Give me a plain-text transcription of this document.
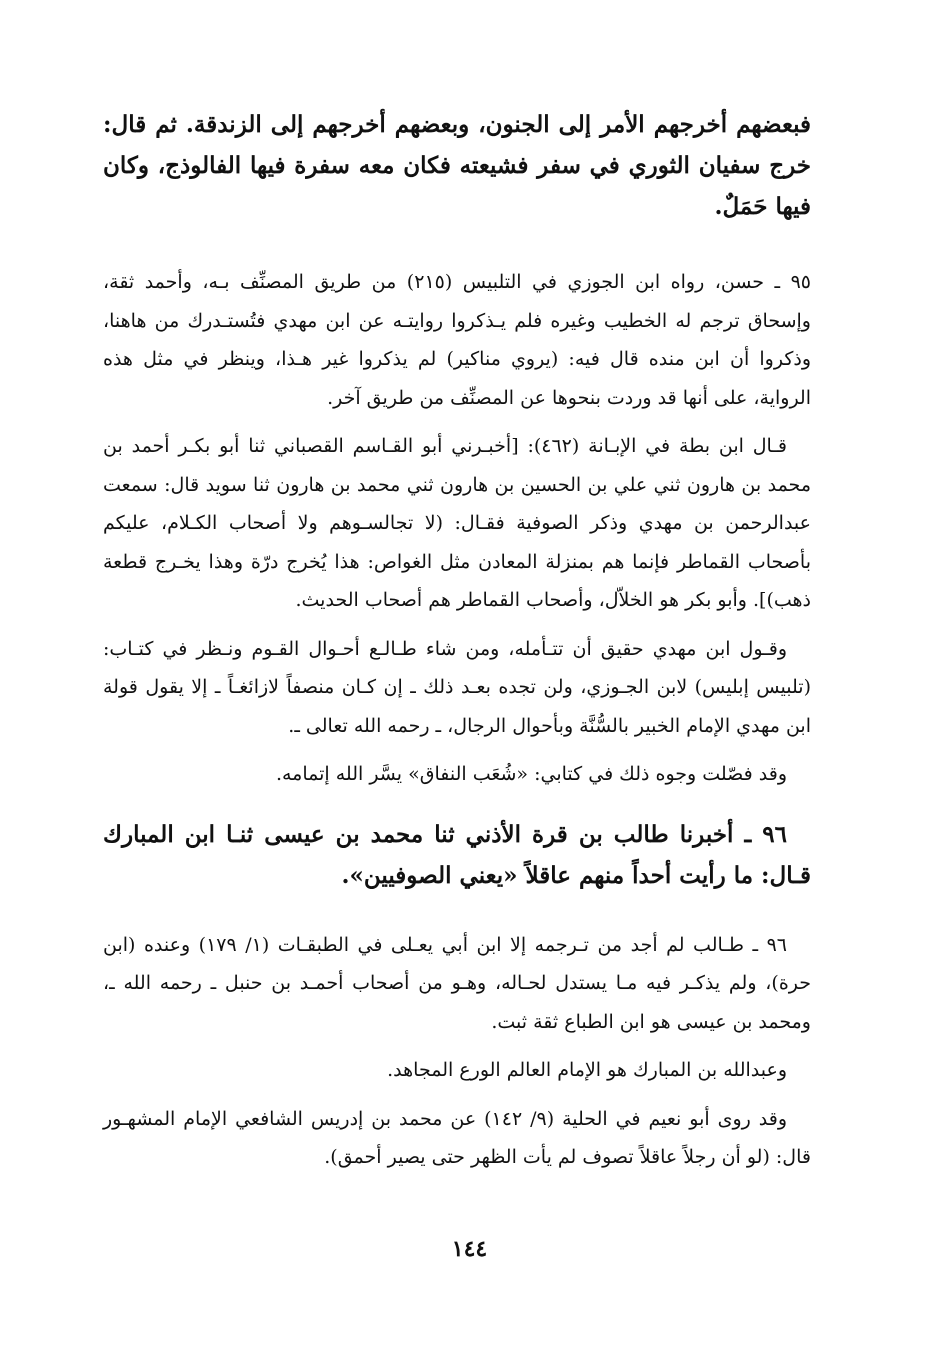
فبعضهم أخرجهم الأمر إلى الجنون، وبعضهم أخرجهم إلى الزندقة. ثم قال: خرج سفيان الثوري في سفر فشيعته فكان معه سفرة فيها الفالوذج، وكان فيها حَمَلٌ.

٩٥ ـ حسن، رواه ابن الجوزي في التلبيس (٢١٥) من طريق المصنِّف بـه، وأحمد ثقة، وإسحاق ترجم له الخطيب وغيره فلم يـذكروا روايتـه عن ابن مهدي فتُستـدرك من هاهنا، وذكروا أن ابن منده قال فيه: (يروي مناكير) لم يذكروا غير هـذا، وينظر في مثل هذه الرواية، على أنها قد وردت بنحوها عن المصنِّف من طريق آخر.

قـال ابن بطة في الإبـانة (٤٦٢): [أخبـرني أبو القـاسم القصباني ثنا أبو بكـر أحمد بن محمد بن هارون ثني علي بن الحسين بن هارون ثني محمد بن هارون ثنا سويد قال: سمعت عبدالرحمن بن مهدي وذكر الصوفية فقـال: (لا تجالسـوهم ولا أصحاب الكـلام، عليكم بأصحاب القماطر فإنما هم بمنزلة المعادن مثل الغواص: هذا يُخرج درّة وهذا يخـرج قطعة ذهب)]. وأبو بكر هو الخلاّل، وأصحاب القماطر هم أصحاب الحديث.

وقـول ابن مهدي حقيق أن تتـأمله، ومن شاء طـالـع أحـوال القـوم ونـظر في كتـاب: (تلبيس إبليس) لابن الجـوزي، ولن تجده بعـد ذلك ـ إن كـان منصفاً لازائغـاً ـ إلا يقول قولة ابن مهدي الإمام الخبير بالسُّنَّة وبأحوال الرجال، ـ رحمه الله تعالى ـ.

وقد فصّلت وجوه ذلك في كتابي: «شُعَب النفاق» يسَّر الله إتمامه.

٩٦ ـ أخبرنا طالب بن قرة الأذني ثنا محمد بن عيسى ثنـا ابن المبارك قـال: ما رأيت أحداً منهم عاقلاً «يعني الصوفيين».

٩٦ ـ طـالب لم أجد من تـرجمه إلا ابن أبي يعـلى في الطبقـات (١/ ١٧٩) وعنده (ابن حرة)، ولم يذكـر فيه مـا يستدل لحـاله، وهـو من أصحاب أحمـد بن حنبل ـ رحمه الله ـ، ومحمد بن عيسى هو ابن الطباع ثقة ثبت.

وعبدالله بن المبارك هو الإمام العالم الورع المجاهد.

وقد روى أبو نعيم في الحلية (٩/ ١٤٢) عن محمد بن إدريس الشافعي الإمام المشهـور قال: (لو أن رجلاً عاقلاً تصوف لم يأت الظهر حتى يصير أحمق).

١٤٤
